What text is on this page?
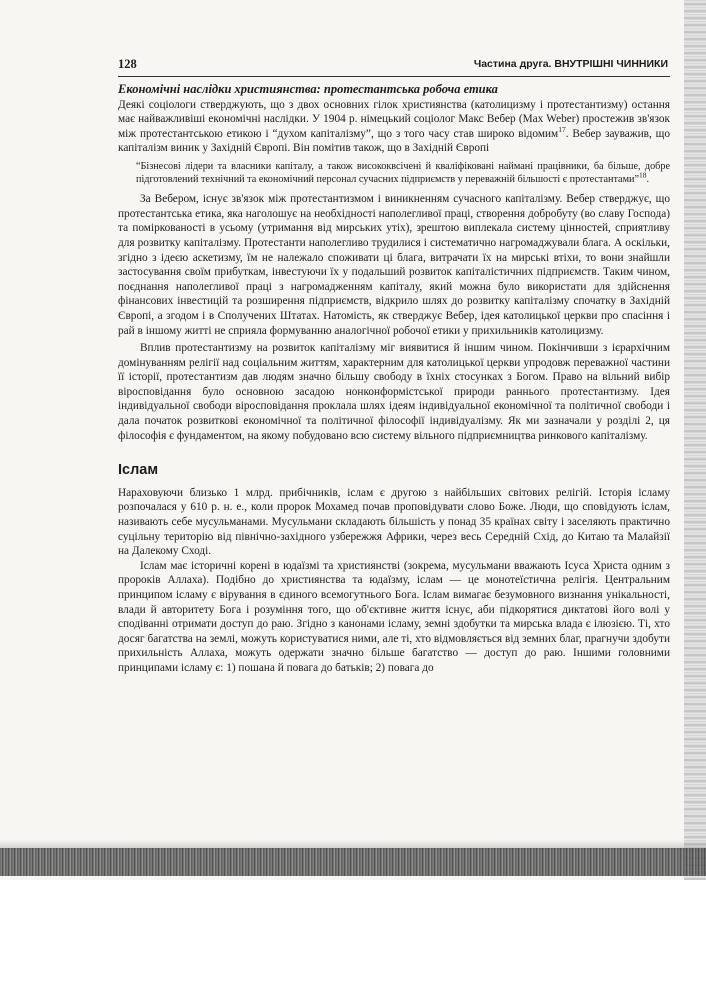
128	Частина друга. ВНУТРІШНІ ЧИННИКИ
Економічні наслідки християнства: протестантська робоча етика

Деякі соціологи стверджують, що з двох основних гілок християнства (католицизму і протестантизму) остання має найважливіші економічні наслідки. У 1904 р. німецький соціолог Макс Вебер (Max Weber) простежив зв'язок між протестантською етикою і “духом капіталізму”, що з того часу став широко відомим$^{17}$. Вебер зауважив, що капіталізм виник у Західній Європі. Він помітив також, що в Західній Європі

“Бізнесові лідери та власники капіталу, а також висококвсічені й кваліфіковані наймані працівники, ба більше, добре підготовлений технічний та економічний персонал сучасних підприємств у переважній більшості є протестантами”$^{18}$.

За Вебером, існує зв'язок між протестантизмом і виникненням сучасного капіталізму. Вебер стверджує, що протестантська етика, яка наголошує на необхідності наполегливої праці, створення добробуту (во славу Господа) та поміркованості в усьому (утримання від мирських утіх), зрештою виплекала систему цінностей, сприятливу для розвитку капіталізму. Протестанти наполегливо трудилися і систематично нагромаджували блага. А оскільки, згідно з ідеєю аскетизму, їм не належало споживати ці блага, витрачати їх на мирські втіхи, то вони знайшли застосування своїм прибуткам, інвестуючи їх у подальший розвиток капіталістичних підприємств. Таким чином, поєднання наполегливої праці з нагромадженням капіталу, який можна було використати для здійснення фінансових інвестицій та розширення підприємств, відкрило шлях до розвитку капіталізму спочатку в Західній Європі, а згодом і в Сполучених Штатах. Натомість, як стверджує Вебер, ідея католицької церкви про спасіння і рай в іншому житті не сприяла формуванню аналогічної робочої етики у прихильників католицизму.

Вплив протестантизму на розвиток капіталізму міг виявитися й іншим чином. Покінчивши з ієрархічним домінуванням релігії над соціальним життям, характерним для католицької церкви упродовж переважної частини її історії, протестантизм дав людям значно більшу свободу в їхніх стосунках з Богом. Право на вільний вибір віросповідання було основною засадою нонконформістської природи раннього протестантизму. Ідея індивідуальної свободи віросповідання проклала шлях ідеям індивідуальної економічної та політичної свободи і дала початок розвиткові економічної та політичної філософії індивідуалізму. Як ми зазначали у розділі 2, ця філософія є фундаментом, на якому побудовано всю систему вільного підприємництва ринкового капіталізму.

Іслам

Нараховуючи близько 1 млрд. прибічників, іслам є другою з найбільших світових релігій. Історія ісламу розпочалася у 610 р. н. е., коли пророк Мохамед почав проповідувати слово Боже. Люди, що сповідують іслам, називають себе мусульманами. Мусульмани складають більшість у понад 35 країнах світу і заселяють практично суцільну територію від північно-західного узбережжя Африки, через весь Середній Схід, до Китаю та Малайзії на Далекому Сході.

Іслам має історичні корені в юдаїзмі та християнстві (зокрема, мусульмани вважають Ісуса Христа одним з пророків Аллаха). Подібно до християнства та юдаїзму, іслам — це монотеїстична релігія. Центральним принципом ісламу є вірування в єдиного всемогутнього Бога. Іслам вимагає безумовного визнання унікальності, влади й авторитету Бога і розуміння того, що об'єктивне життя існує, аби підкорятися диктатові його волі у сподіванні отримати доступ до раю. Згідно з канонами ісламу, земні здобутки та мирська влада є ілюзією. Ті, хто досяг багатства на землі, можуть користуватися ними, але ті, хто відмовляється від земних благ, прагнучи здобути прихильність Аллаха, можуть одержати значно більше багатство — доступ до раю. Іншими головними принципами ісламу є: 1) пошана й повага до батьків; 2) повага до
